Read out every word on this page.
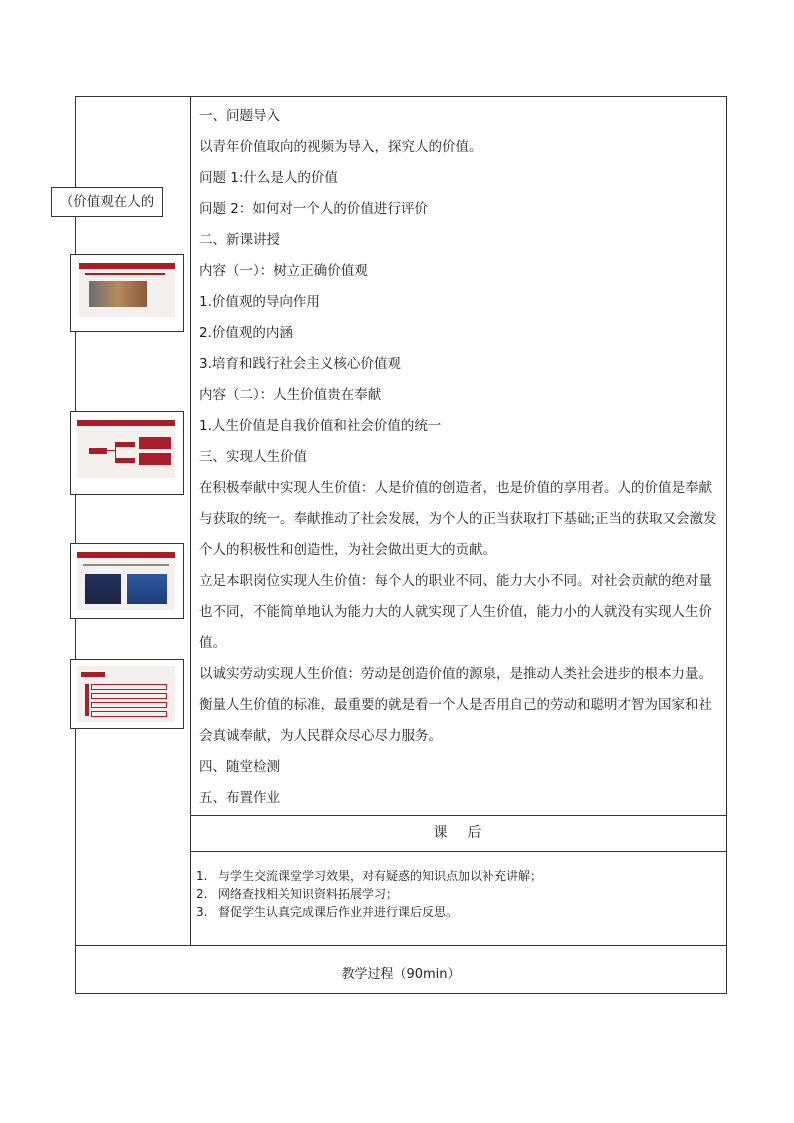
（价值观在人的

一、问题导入

以青年价值取向的视频为导入，探究人的价值。

问题 1:什么是人的价值

问题 2：如何对一个人的价值进行评价

二、新课讲授

内容（一）：树立正确价值观

1.价值观的导向作用

2.价值观的内涵

3.培育和践行社会主义核心价值观

内容（二）：人生价值贵在奉献

1.人生价值是自我价值和社会价值的统一

三、实现人生价值

在积极奉献中实现人生价值：人是价值的创造者，也是价值的享用者。人的价值是奉献与获取的统一。奉献推动了社会发展，为个人的正当获取打下基础;正当的获取又会激发个人的积极性和创造性，为社会做出更大的贡献。

立足本职岗位实现人生价值：每个人的职业不同、能力大小不同。对社会贡献的绝对量也不同，不能简单地认为能力大的人就实现了人生价值，能力小的人就没有实现人生价值。

以诚实劳动实现人生价值：劳动是创造价值的源泉，是推动人类社会进步的根本力量。衡量人生价值的标准，最重要的就是看一个人是否用自己的劳动和聪明才智为国家和社会真诚奉献，为人民群众尽心尽力服务。

四、随堂检测

五、布置作业

课 后
1. 与学生交流课堂学习效果，对有疑惑的知识点加以补充讲解；
2. 网络查找相关知识资料拓展学习；
3. 督促学生认真完成课后作业并进行课后反思。
教学过程（90min）
